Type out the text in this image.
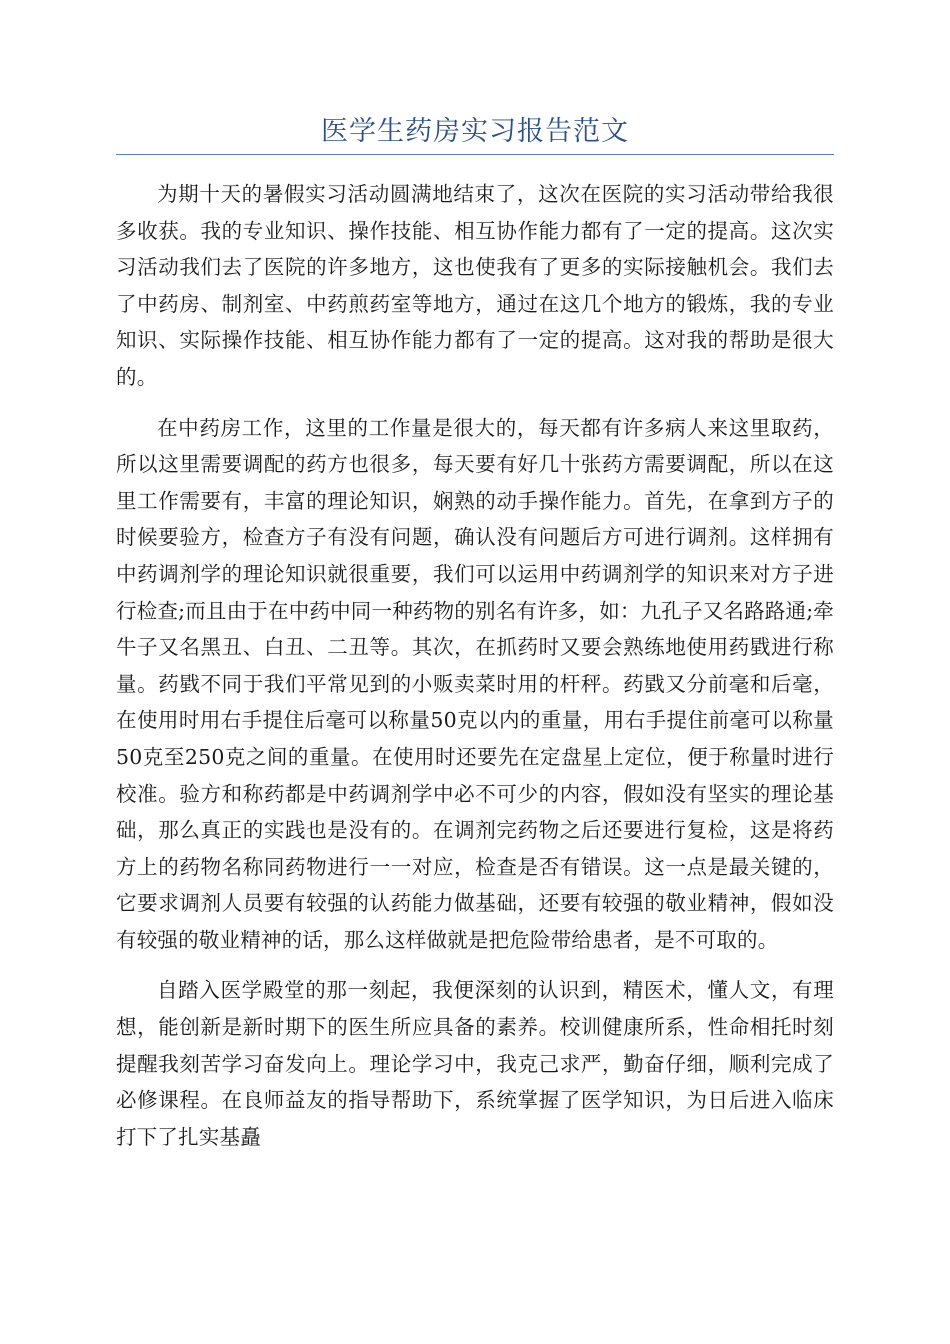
医学生药房实习报告范文

为期十天的暑假实习活动圆满地结束了，这次在医院的实习活动带给我很多收获。我的专业知识、操作技能、相互协作能力都有了一定的提高。这次实习活动我们去了医院的许多地方，这也使我有了更多的实际接触机会。我们去了中药房、制剂室、中药煎药室等地方，通过在这几个地方的锻炼，我的专业知识、实际操作技能、相互协作能力都有了一定的提高。这对我的帮助是很大的。

在中药房工作，这里的工作量是很大的，每天都有许多病人来这里取药，所以这里需要调配的药方也很多，每天要有好几十张药方需要调配，所以在这里工作需要有，丰富的理论知识，娴熟的动手操作能力。首先，在拿到方子的时候要验方，检查方子有没有问题，确认没有问题后方可进行调剂。这样拥有中药调剂学的理论知识就很重要，我们可以运用中药调剂学的知识来对方子进行检查;而且由于在中药中同一种药物的别名有许多，如：九孔子又名路路通;牵牛子又名黑丑、白丑、二丑等。其次，在抓药时又要会熟练地使用药戥进行称量。药戥不同于我们平常见到的小贩卖菜时用的杆秤。药戥又分前毫和后毫，在使用时用右手提住后毫可以称量50克以内的重量，用右手提住前毫可以称量50克至250克之间的重量。在使用时还要先在定盘星上定位，便于称量时进行校准。验方和称药都是中药调剂学中必不可少的内容，假如没有坚实的理论基础，那么真正的实践也是没有的。在调剂完药物之后还要进行复检，这是将药方上的药物名称同药物进行一一对应，检查是否有错误。这一点是最关键的，它要求调剂人员要有较强的认药能力做基础，还要有较强的敬业精神，假如没有较强的敬业精神的话，那么这样做就是把危险带给患者，是不可取的。

自踏入医学殿堂的那一刻起，我便深刻的认识到，精医术，懂人文，有理想，能创新是新时期下的医生所应具备的素养。校训健康所系，性命相托时刻提醒我刻苦学习奋发向上。理论学习中，我克己求严，勤奋仔细，顺利完成了必修课程。在良师益友的指导帮助下，系统掌握了医学知识，为日后进入临床打下了扎实基矗
